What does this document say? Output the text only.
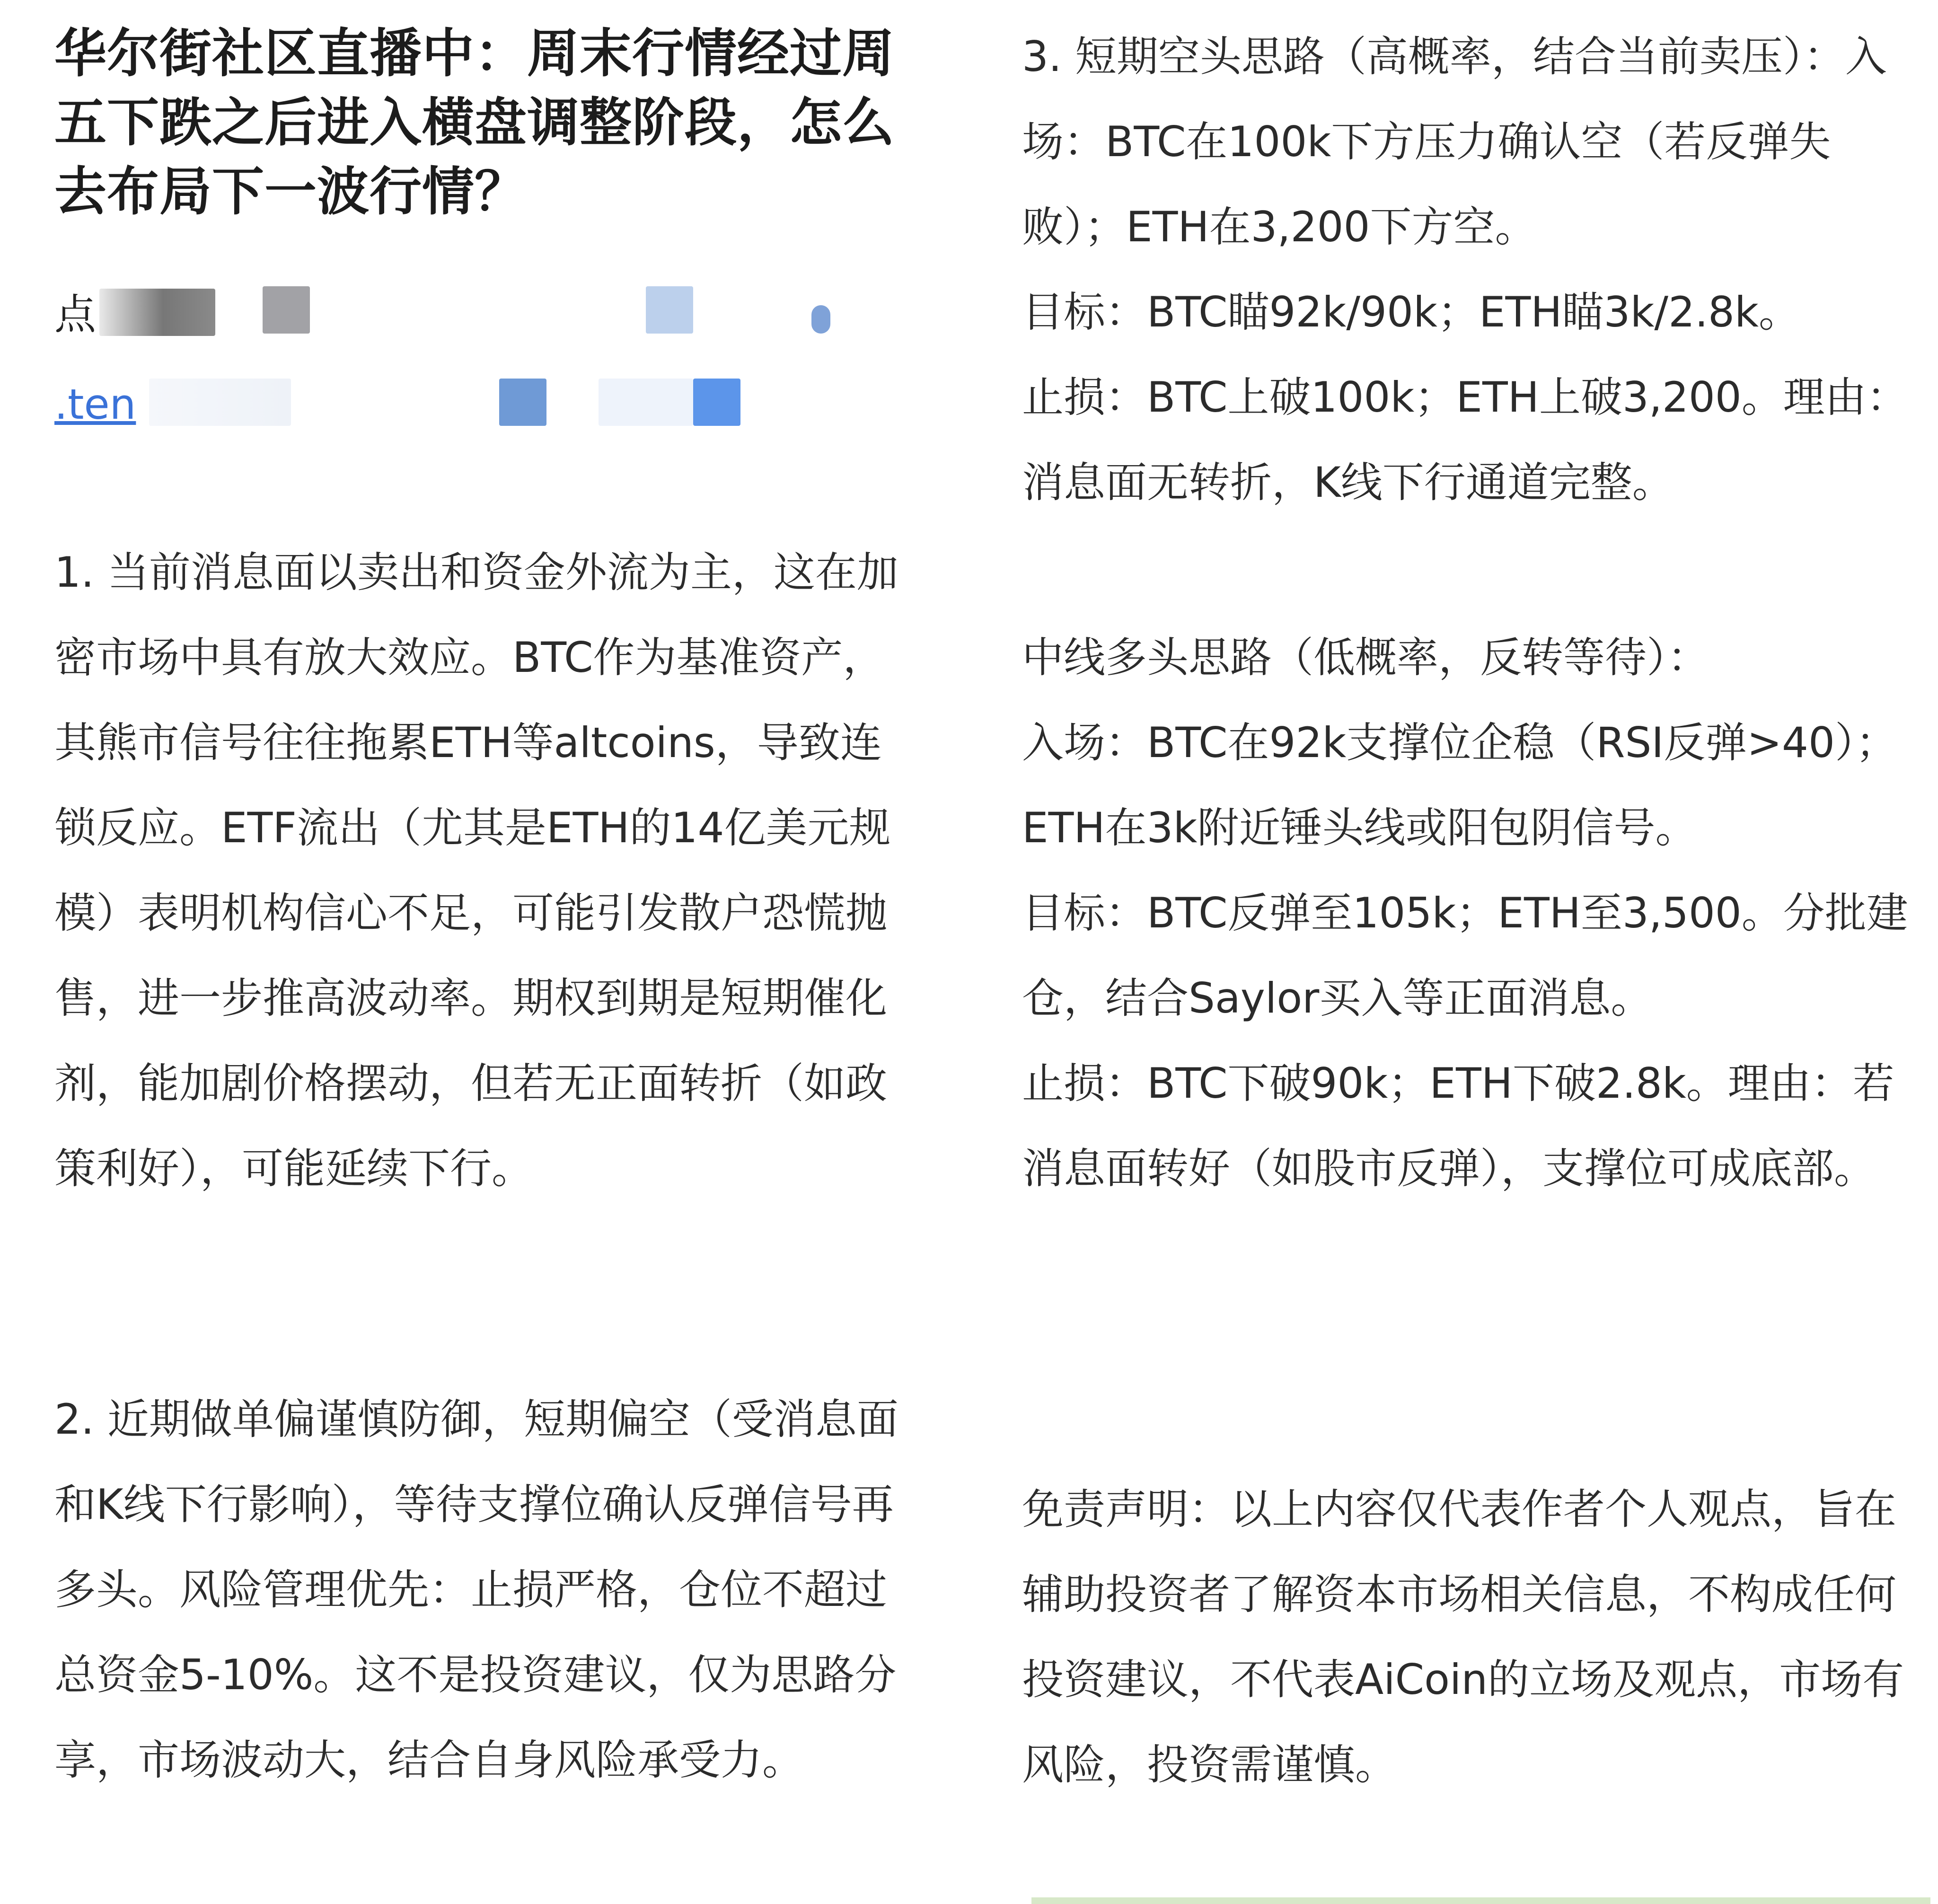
华尔街社区直播中：周末行情经过周五下跌之后进入横盘调整阶段，怎么去布局下一波行情？
点
.ten

1. 当前消息面以卖出和资金外流为主，这在加密市场中具有放大效应。BTC作为基准资产，其熊市信号往往拖累ETH等altcoins，导致连锁反应。ETF流出（尤其是ETH的14亿美元规模）表明机构信心不足，可能引发散户恐慌抛售，进一步推高波动率。期权到期是短期催化剂，能加剧价格摆动，但若无正面转折（如政策利好），可能延续下行。

2. 近期做单偏谨慎防御，短期偏空（受消息面和K线下行影响），等待支撑位确认反弹信号再多头。风险管理优先：止损严格，仓位不超过总资金5-10%。这不是投资建议，仅为思路分享，市场波动大，结合自身风险承受力。

3. 短期空头思路（高概率，结合当前卖压）：入场：BTC在100k下方压力确认空（若反弹失败）；ETH在3,200下方空。
目标：BTC瞄92k/90k；ETH瞄3k/2.8k。
止损：BTC上破100k；ETH上破3,200。理由：消息面无转折，K线下行通道完整。

中线多头思路（低概率，反转等待）：
入场：BTC在92k支撑位企稳（RSI反弹>40）；ETH在3k附近锤头线或阳包阴信号。
目标：BTC反弹至105k；ETH至3,500。分批建仓，结合Saylor买入等正面消息。
止损：BTC下破90k；ETH下破2.8k。理由：若消息面转好（如股市反弹），支撑位可成底部。

免责声明：以上内容仅代表作者个人观点，旨在辅助投资者了解资本市场相关信息，不构成任何投资建议，不代表AiCoin的立场及观点，市场有风险，投资需谨慎。
